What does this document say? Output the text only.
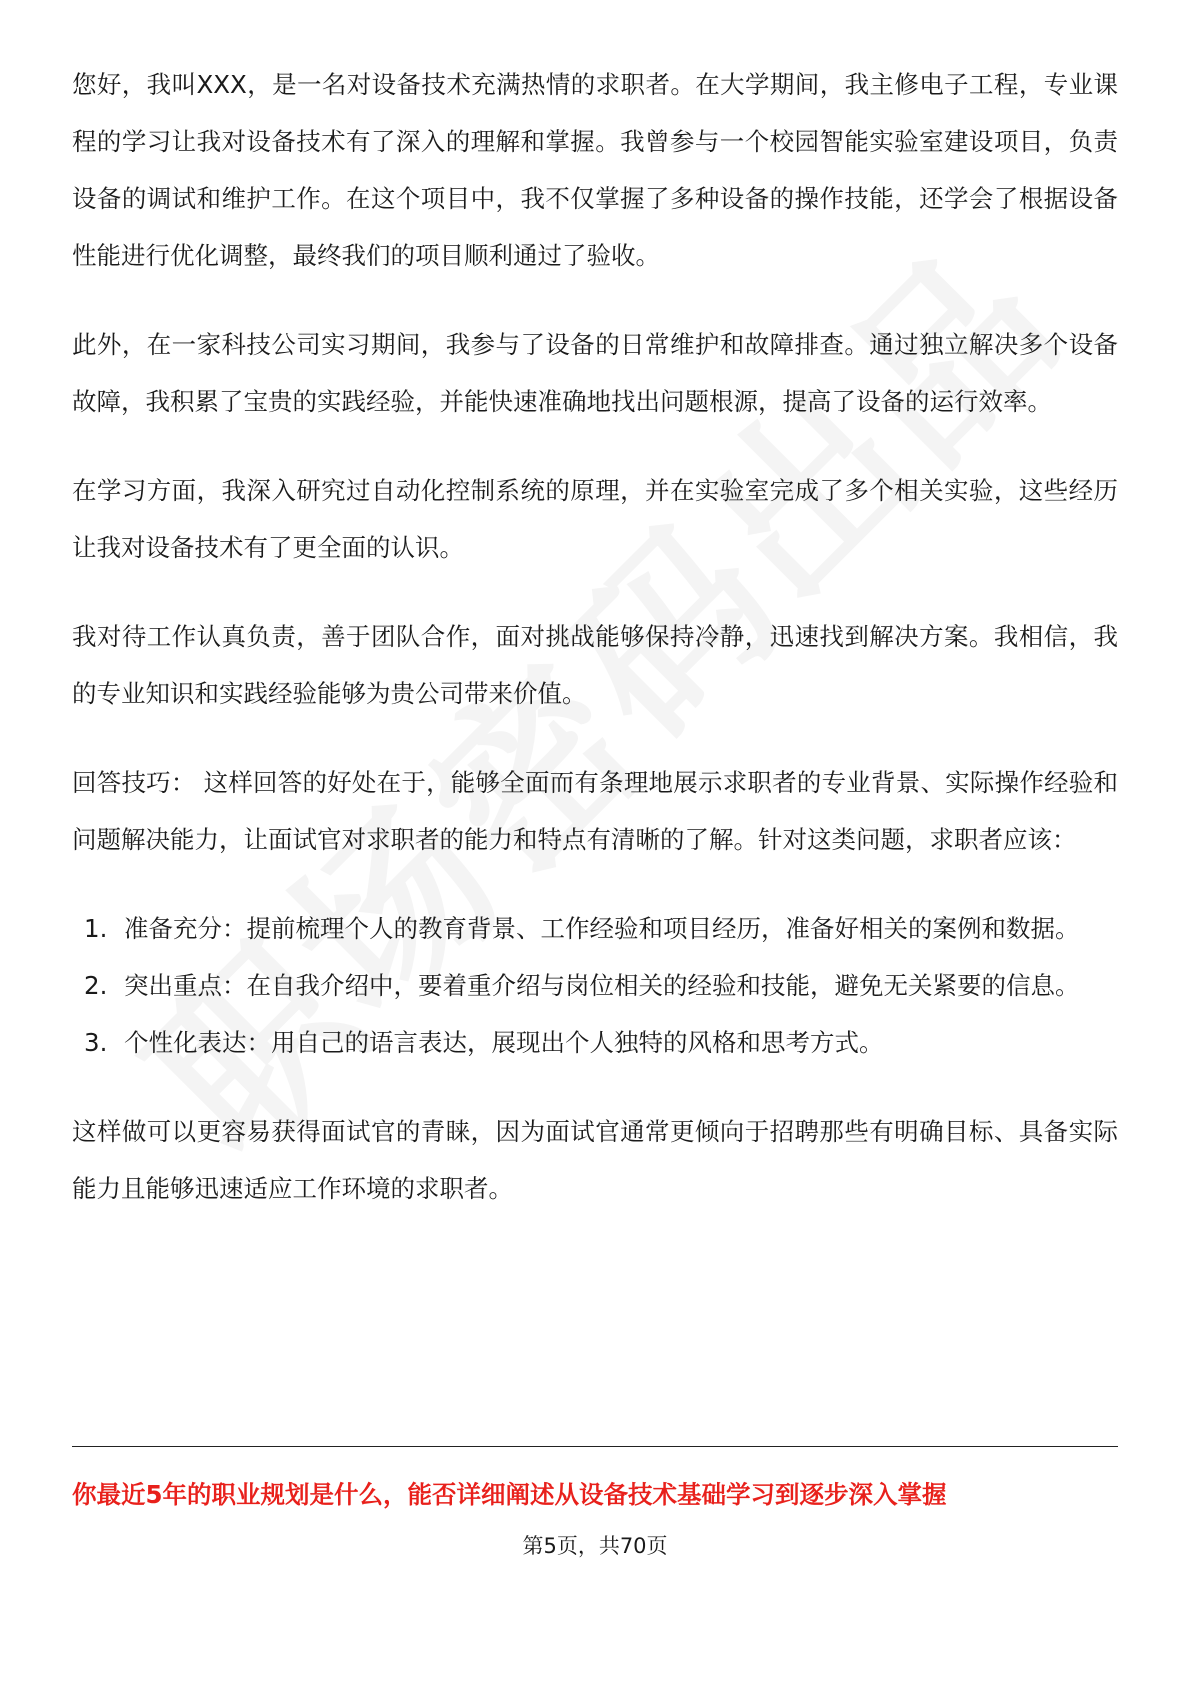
您好，我叫XXX，是一名对设备技术充满热情的求职者。在大学期间，我主修电子工程，专业课程的学习让我对设备技术有了深入的理解和掌握。我曾参与一个校园智能实验室建设项目，负责设备的调试和维护工作。在这个项目中，我不仅掌握了多种设备的操作技能，还学会了根据设备性能进行优化调整，最终我们的项目顺利通过了验收。

此外，在一家科技公司实习期间，我参与了设备的日常维护和故障排查。通过独立解决多个设备故障，我积累了宝贵的实践经验，并能快速准确地找出问题根源，提高了设备的运行效率。

在学习方面，我深入研究过自动化控制系统的原理，并在实验室完成了多个相关实验，这些经历让我对设备技术有了更全面的认识。

我对待工作认真负责，善于团队合作，面对挑战能够保持冷静，迅速找到解决方案。我相信，我的专业知识和实践经验能够为贵公司带来价值。

回答技巧： 这样回答的好处在于，能够全面而有条理地展示求职者的专业背景、实际操作经验和问题解决能力，让面试官对求职者的能力和特点有清晰的了解。针对这类问题，求职者应该：

1. 准备充分：提前梳理个人的教育背景、工作经验和项目经历，准备好相关的案例和数据。
2. 突出重点：在自我介绍中，要着重介绍与岗位相关的经验和技能，避免无关紧要的信息。
3. 个性化表达：用自己的语言表达，展现出个人独特的风格和思考方式。

这样做可以更容易获得面试官的青睐，因为面试官通常更倾向于招聘那些有明确目标、具备实际能力且能够迅速适应工作环境的求职者。

你最近5年的职业规划是什么，能否详细阐述从设备技术基础学习到逐步深入掌握
第5页，共70页
